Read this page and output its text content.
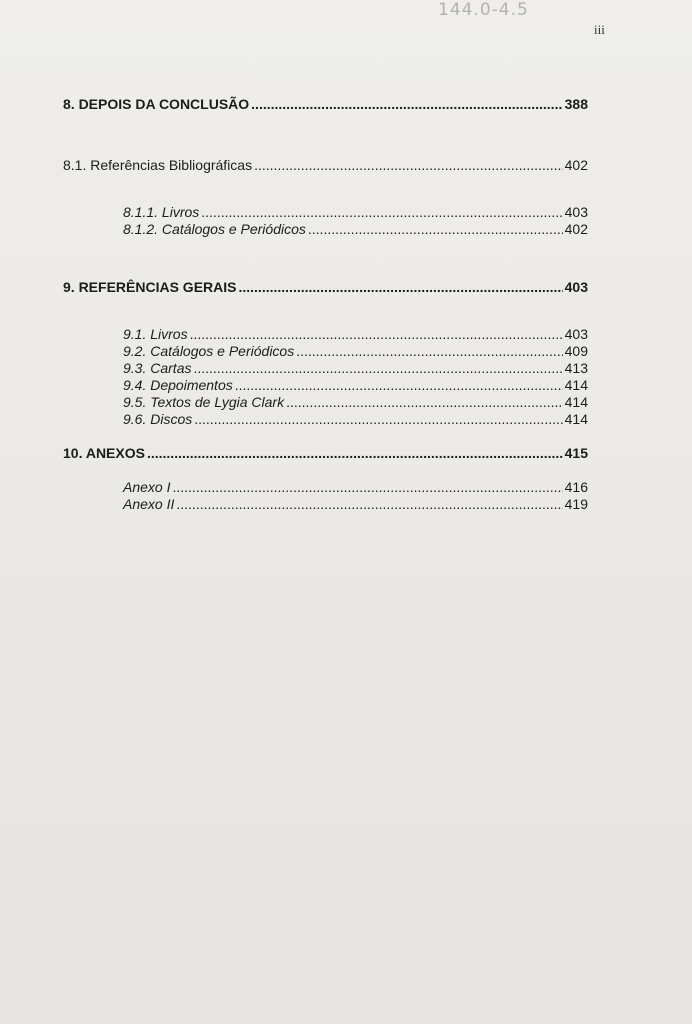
144.0-4.5
iii
8. DEPOIS DA CONCLUSÃO .....	388
8.1. Referências Bibliográficas .....	402
8.1.1. Livros .....	403
8.1.2. Catálogos e Periódicos .....	402
9. REFERÊNCIAS GERAIS .....	403
9.1. Livros .....	403
9.2. Catálogos e Periódicos .....	409
9.3. Cartas .....	413
9.4. Depoimentos .....	414
9.5. Textos de Lygia Clark .....	414
9.6. Discos .....	414
10. ANEXOS .....	415
Anexo I .....	416
Anexo II .....	419
